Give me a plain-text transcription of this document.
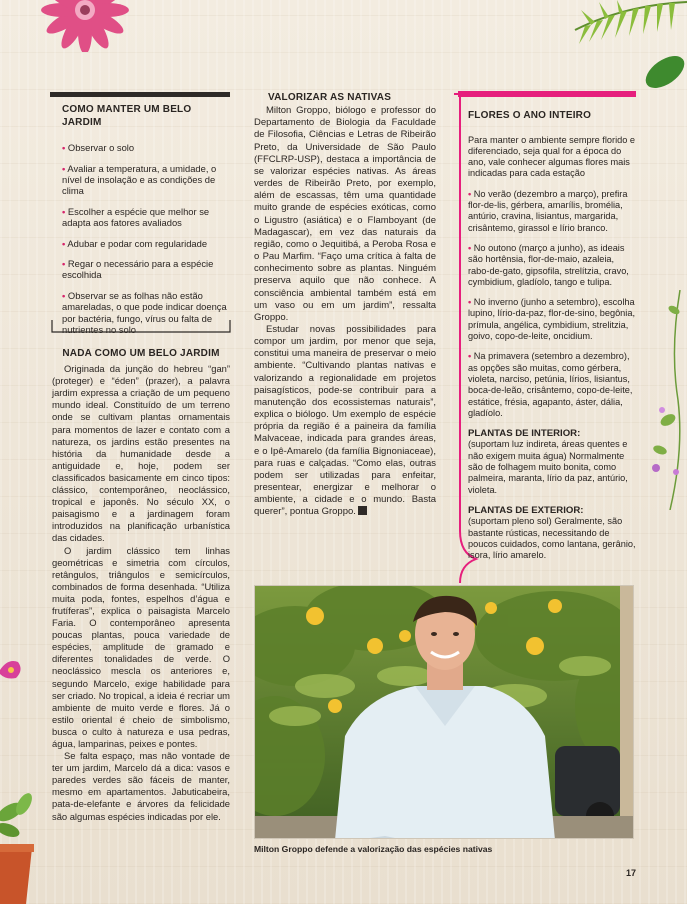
COMO MANTER UM BELO JARDIM

• Observar o solo

• Avaliar a temperatura, a umidade, o nível de insolação e as condições de clima

• Escolher a espécie que melhor se adapta aos fatores avaliados

• Adubar e podar com regularidade

• Regar o necessário para a espécie escolhida

• Observar se as folhas não estão amareladas, o que pode indicar doença por bactéria, fungo, vírus ou falta de nutrientes no solo

NADA COMO UM BELO JARDIM

Originada da junção do hebreu “gan” (proteger) e “éden” (prazer), a palavra jardim expressa a criação de um pequeno mundo ideal. Constituído de um terreno onde se cultivam plantas ornamentais para momentos de lazer e contato com a natureza, os jardins estão presentes na história da humanidade desde a antiguidade e, hoje, podem ser classificados basicamente em cinco tipos: clássico, contemporâneo, neoclássico, tropical e japonês. No século XX, o paisagismo e a jardinagem foram introduzidos na planificação urbanística das cidades.

O jardim clássico tem linhas geométricas e simetria com círculos, retângulos, triângulos e semicírculos, combinados de forma desenhada. “Utiliza muita poda, fontes, espelhos d’água e frutíferas”, explica o paisagista Marcelo Faria. O contemporâneo apresenta poucas plantas, pouca variedade de espécies, amplitude de gramado e diferentes tonalidades de verde. O neoclássico mescla os anteriores e, segundo Marcelo, exige habilidade para ser criado. No tropical, a ideia é recriar um ambiente de muito verde e flores. Já o estilo oriental é cheio de simbolismo, busca o culto à natureza e usa pedras, água, lamparinas, peixes e pontes.

Se falta espaço, mas não vontade de ter um jardim, Marcelo dá a dica: vasos e paredes verdes são fáceis de manter, mesmo em apartamentos. Jabuticabeira, pata-de-elefante e árvores da felicidade são algumas espécies indicadas por ele.

VALORIZAR AS NATIVAS

Milton Groppo, biólogo e professor do Departamento de Biologia da Faculdade de Filosofia, Ciências e Letras de Ribeirão Preto, da Universidade de São Paulo (FFCLRP-USP), destaca a importância de se valorizar espécies nativas. As áreas verdes de Ribeirão Preto, por exemplo, além de escassas, têm uma quantidade muito grande de espécies exóticas, como o Ligustro (asiática) e o Flamboyant (de Madagascar), em vez das naturais da região, como o Jequitibá, a Peroba Rosa e o Pau Marfim. “Faço uma crítica à falta de conhecimento sobre as plantas. Ninguém preserva aquilo que não conhece. A consciência ambiental também está em um vaso ou em um jardim”, ressalta Groppo.

Estudar novas possibilidades para compor um jardim, por menor que seja, constitui uma maneira de preservar o meio ambiente. “Cultivando plantas nativas e valorizando a regionalidade em projetos paisagísticos, pode-se contribuir para a manutenção dos ecossistemas naturais”, explica o biólogo. Um exemplo de espécie própria da região é a paineira da família Malvaceae, indicada para grandes áreas, e o Ipê-Amarelo (da família Bignoniaceae), para ruas e calçadas. “Como elas, outras podem ser utilizadas para enfeitar, presentear, energizar e melhorar o ambiente, a cidade e o mundo. Basta querer”, pontua Groppo.

FLORES O ANO INTEIRO

Para manter o ambiente sempre florido e diferenciado, seja qual for a época do ano, vale conhecer algumas flores mais indicadas para cada estação

• No verão (dezembro a março), prefira flor-de-lis, gérbera, amarílis, bromélia, antúrio, cravina, lisiantus, margarida, crisântemo, girassol e lírio branco.

• No outono (março a junho), as ideais são hortênsia, flor-de-maio, azaleia, rabo-de-gato, gipsofila, strelítzia, cravo, cymbidium, gladíolo, tango e tulipa.

• No inverno (junho a setembro), escolha lupino, lírio-da-paz, flor-de-sino, begônia, prímula, angélica, cymbidium, strelitzia, goivo, copo-de-leite, oncidium.

• Na primavera (setembro a dezembro), as opções são muitas, como gérbera, violeta, narciso, petúnia, lírios, lisiantus, boca-de-leão, crisântemo, copo-de-leite, estátice, frésia, agapanto, áster, dália, gladíolo.

PLANTAS DE INTERIOR:
(suportam luz indireta, áreas quentes e não exigem muita água) Normalmente são de folhagem muito bonita, como palmeira, maranta, lírio da paz, antúrio, violeta.

PLANTAS DE EXTERIOR:
(suportam pleno sol) Geralmente, são bastante rústicas, necessitando de poucos cuidados, como lantana, gerânio, isora, lírio amarelo.

Milton Groppo defende a valorização das espécies nativas
17
